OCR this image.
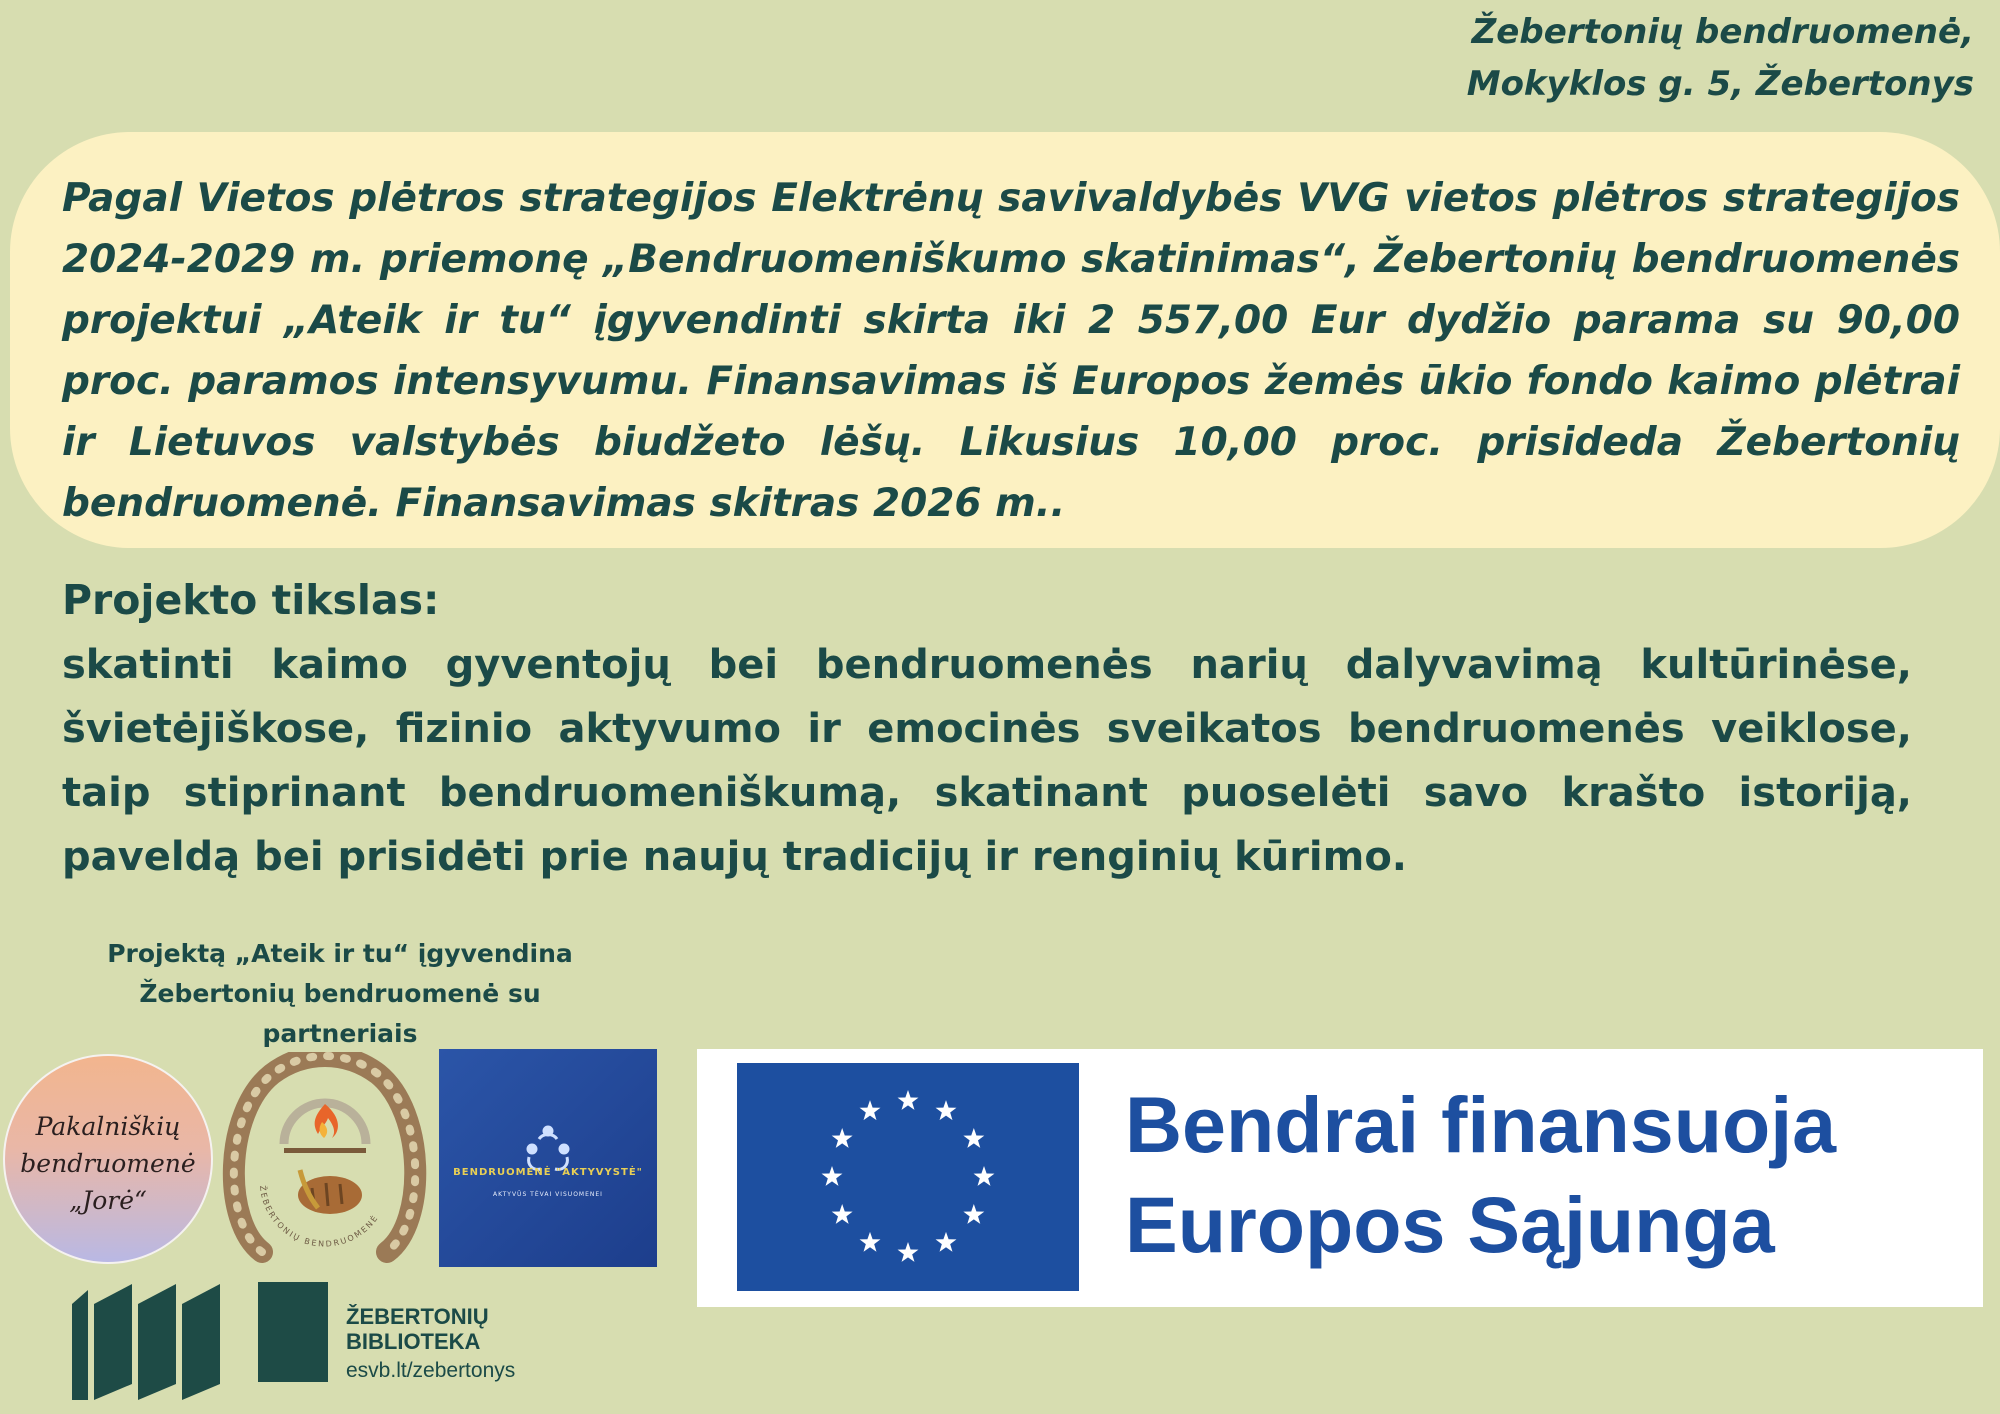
Žebertonių bendruomenė,
Mokyklos g. 5, Žebertonys

Pagal Vietos plėtros strategijos Elektrėnų savivaldybės VVG vietos plėtros strategijos 2024-2029 m. priemonę „Bendruomeniškumo skatinimas“, Žebertonių bendruomenės projektui „Ateik ir tu“ įgyvendinti skirta iki 2 557,00 Eur dydžio parama su 90,00 proc. paramos intensyvumu. Finansavimas iš Europos žemės ūkio fondo kaimo plėtrai ir Lietuvos valstybės biudžeto lėšų. Likusius 10,00 proc. prisideda Žebertonių bendruomenė. Finansavimas skitras 2026 m..

Projekto tikslas:

skatinti kaimo gyventojų bei bendruomenės narių dalyvavimą kultūrinėse, švietėjiškose, fizinio aktyvumo ir emocinės sveikatos bendruomenės veiklose, taip stiprinant bendruomeniškumą, skatinant puoselėti savo krašto istoriją, paveldą bei prisidėti prie naujų tradicijų ir renginių kūrimo.

Projektą „Ateik ir tu“ įgyvendina
Žebertonių bendruomenė su partneriais
Pakalniškių
bendruomenė
„Jorė“	ŽEBERTONIŲ BENDRUOMENĖ
BENDRUOMENĖ "AKTYVYSTĖ"
AKTYVŪS TĖVAI VISUOMENEI
Bendrai finansuoja
Europos Sąjunga
ŽEBERTONIŲ
BIBLIOTEKA
esvb.lt/zebertonys
